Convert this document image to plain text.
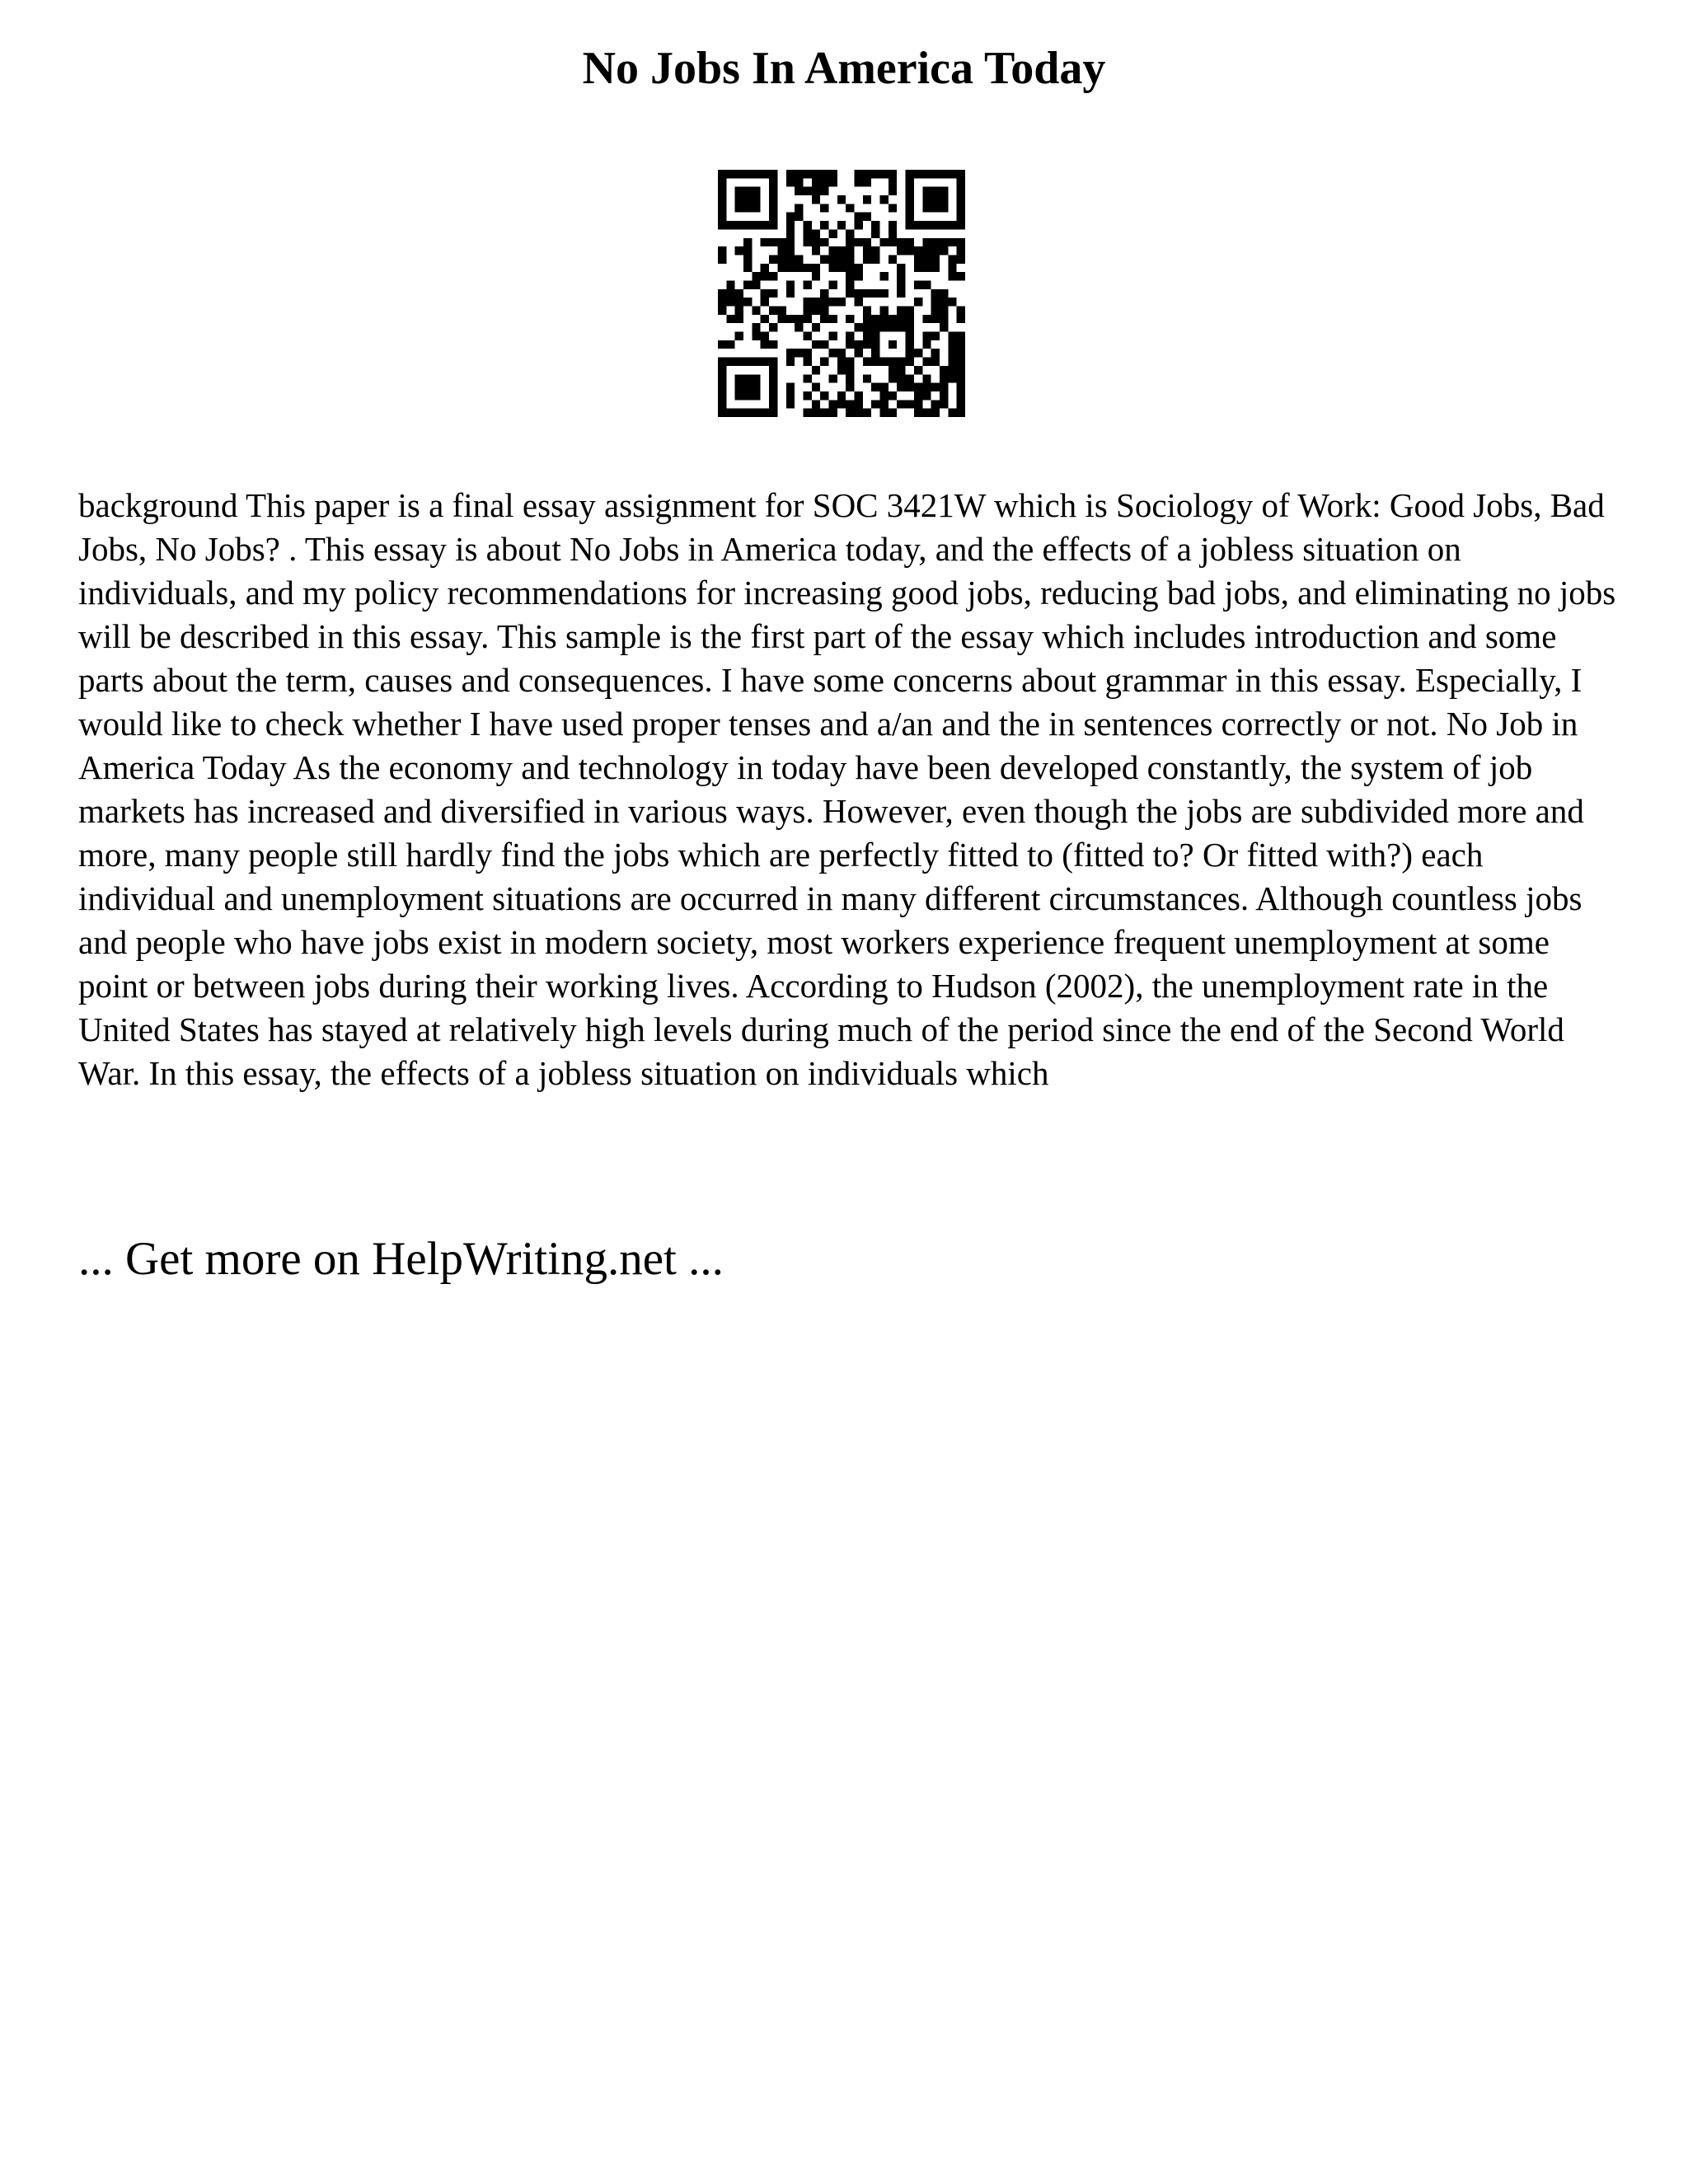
No Jobs In America Today

background This paper is a final essay assignment for SOC 3421W which is Sociology of Work: Good Jobs, Bad Jobs, No Jobs? . This essay is about No Jobs in America today, and the effects of a jobless situation on individuals, and my policy recommendations for increasing good jobs, reducing bad jobs, and eliminating no jobs will be described in this essay. This sample is the first part of the essay which includes introduction and some parts about the term, causes and consequences. I have some concerns about grammar in this essay. Especially, I would like to check whether I have used proper tenses and a/an and the in sentences correctly or not. No Job in America Today As the economy and technology in today have been developed constantly, the system of job markets has increased and diversified in various ways. However, even though the jobs are subdivided more and more, many people still hardly find the jobs which are perfectly fitted to (fitted to? Or fitted with?) each individual and unemployment situations are occurred in many different circumstances. Although countless jobs and people who have jobs exist in modern society, most workers experience frequent unemployment at some point or between jobs during their working lives. According to Hudson (2002), the unemployment rate in the United States has stayed at relatively high levels during much of the period since the end of the Second World War. In this essay, the effects of a jobless situation on individuals which

... Get more on HelpWriting.net ...
